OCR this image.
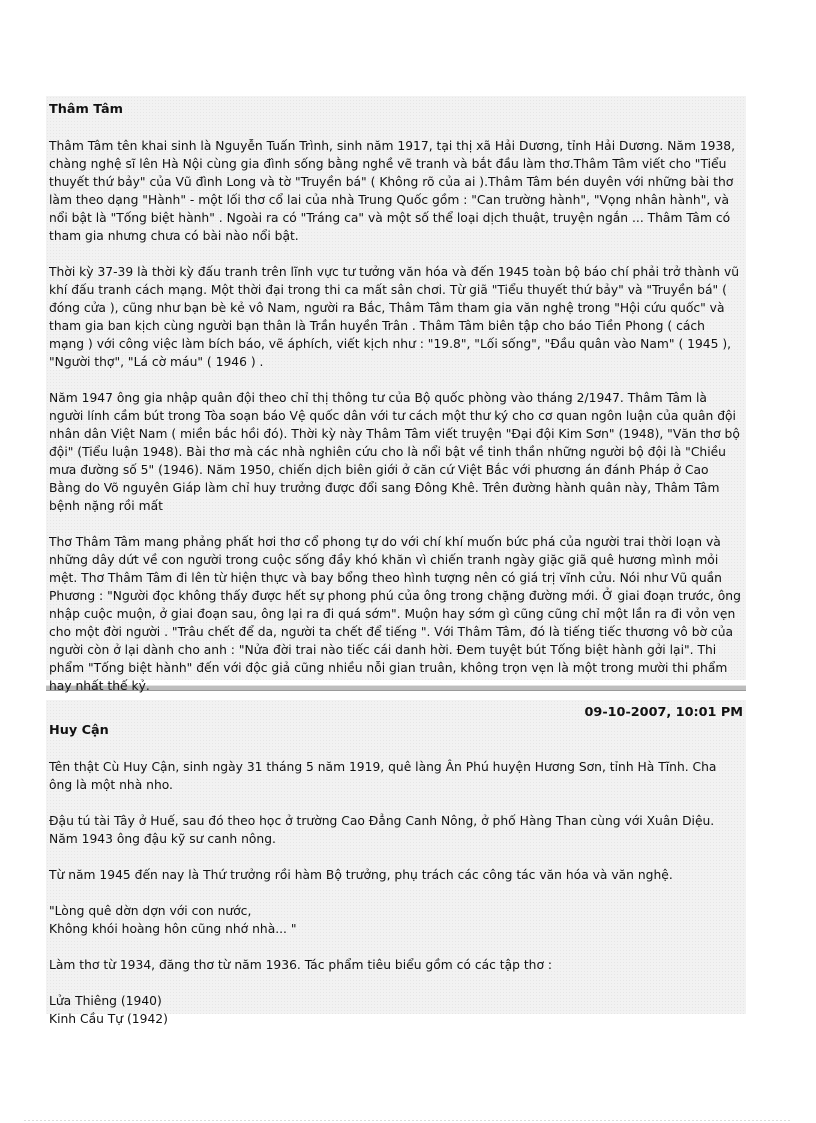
Thâm Tâm

Thâm Tâm tên khai sinh là Nguyễn Tuấn Trình, sinh năm 1917, tại thị xã Hải Dương, tỉnh Hải Dương. Năm 1938, chàng nghệ sĩ lên Hà Nội cùng gia đình sống bằng nghề vẽ tranh và bắt đầu làm thơ.Thâm Tâm viết cho "Tiểu thuyết thứ bảy" của Vũ đình Long và tờ "Truyền bá" ( Không rõ của ai ).Thâm Tâm bén duyên với những bài thơ làm theo dạng "Hành" - một lối thơ cổ lai của nhà Trung Quốc gồm : "Can trường hành", "Vọng nhân hành", và nổi bật là "Tống biệt hành" . Ngoài ra có "Tráng ca" và một số thể loại dịch thuật, truyện ngắn ... Thâm Tâm có tham gia nhưng chưa có bài nào nổi bật.

Thời kỳ 37-39 là thời kỳ đấu tranh trên lĩnh vực tư tưởng văn hóa và đến 1945 toàn bộ báo chí phải trở thành vũ khí đấu tranh cách mạng. Một thời đại trong thi ca mất sân chơi. Từ giã "Tiểu thuyết thứ bảy" và "Truyền bá" ( đóng cửa ), cũng như bạn bè kẻ vô Nam, người ra Bắc, Thâm Tâm tham gia văn nghệ trong "Hội cứu quốc" và tham gia ban kịch cùng người bạn thân là Trần huyền Trân . Thâm Tâm biên tập cho báo Tiền Phong ( cách mạng ) với công việc làm bích báo, vẽ áphích, viết kịch như : "19.8", "Lối sống", "Đầu quân vào Nam" ( 1945 ), "Người thợ", "Lá cờ máu" ( 1946 ) .

Năm 1947 ông gia nhập quân đội theo chỉ thị thông tư của Bộ quốc phòng vào tháng 2/1947. Thâm Tâm là người lính cầm bút trong Tòa soạn báo Vệ quốc dân với tư cách một thư ký cho cơ quan ngôn luận của quân đội nhân dân Việt Nam ( miền bắc hồi đó). Thời kỳ này Thâm Tâm viết truyện "Đại đội Kim Sơn" (1948), "Văn thơ bộ đội" (Tiểu luận 1948). Bài thơ mà các nhà nghiên cứu cho là nổi bật về tinh thần những người bộ đội là "Chiều mưa đường số 5" (1946). Năm 1950, chiến dịch biên giới ở căn cứ Việt Bắc với phương án đánh Pháp ở Cao Bằng do Võ nguyên Giáp làm chỉ huy trưởng được đổi sang Đông Khê. Trên đường hành quân này, Thâm Tâm bệnh nặng rồi mất

Thơ Thâm Tâm mang phảng phất hơi thơ cổ phong tự do với chí khí muốn bức phá của người trai thời loạn và những dây dứt về con người trong cuộc sống đầy khó khăn vì chiến tranh ngày giặc giã quê hương mình mỏi mệt. Thơ Thâm Tâm đi lên từ hiện thực và bay bổng theo hình tượng nên có giá trị vĩnh cửu. Nói như Vũ quần Phương : "Người đọc không thấy được hết sự phong phú của ông trong chặng đường mới. Ở giai đoạn trước, ông nhập cuộc muộn, ở giai đoạn sau, ông lại ra đi quá sớm". Muộn hay sớm gì cũng cũng chỉ một lần ra đi vỏn vẹn cho một đời người . "Trâu chết để da, người ta chết để tiếng ". Với Thâm Tâm, đó là tiếng tiếc thương vô bờ của người còn ở lại dành cho anh : "Nửa đời trai nào tiếc cái danh hời. Đem tuyệt bút Tống biệt hành gởi lại". Thi phẩm "Tống biệt hành" đến với độc giả cũng nhiều nỗi gian truân, không trọn vẹn là một trong mười thi phẩm hay nhất thế kỷ.

09-10-2007, 10:01 PM
Huy Cận

Tên thật Cù Huy Cận, sinh ngày 31 tháng 5 năm 1919, quê làng Ân Phú huyện Hương Sơn, tỉnh Hà Tĩnh. Cha ông là một nhà nho.

Đậu tú tài Tây ở Huế, sau đó theo học ở trường Cao Đẳng Canh Nông, ở phố Hàng Than cùng với Xuân Diệu. Năm 1943 ông đậu kỹ sư canh nông.

Từ năm 1945 đến nay là Thứ trưởng rồi hàm Bộ trưởng, phụ trách các công tác văn hóa và văn nghệ.

"Lòng quê dờn dợn với con nước,
Không khói hoàng hôn cũng nhớ nhà... "

Làm thơ từ 1934, đăng thơ từ năm 1936. Tác phẩm tiêu biểu gồm có các tập thơ :

Lửa Thiêng (1940)
Kinh Cầu Tự (1942)
